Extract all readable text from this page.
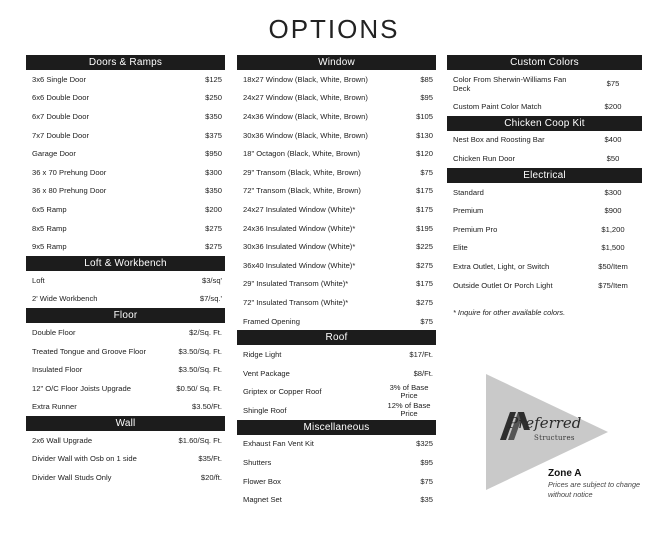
OPTIONS
Doors & Ramps
3x6 Single Door	$125
6x6 Double Door	$250
6x7 Double Door	$350
7x7 Double Door	$375
Garage Door	$950
36 x 70 Prehung Door	$300
36 x 80 Prehung Door	$350
6x5 Ramp	$200
8x5 Ramp	$275
9x5 Ramp	$275
Loft & Workbench
Loft	$3/sq'
2' Wide Workbench	$7/sq.'
Floor
Double Floor	$2/Sq. Ft.
Treated Tongue and Groove Floor	$3.50/Sq. Ft.
Insulated Floor	$3.50/Sq. Ft.
12" O/C Floor Joists Upgrade	$0.50/ Sq. Ft.
Extra Runner	$3.50/Ft.
Wall
2x6 Wall Upgrade	$1.60/Sq. Ft.
Divider Wall with Osb on 1 side	$35/Ft.
Divider Wall Studs Only	$20/ft.
Window
18x27 Window (Black, White, Brown)	$85
24x27 Window (Black, White, Brown)	$95
24x36 Window (Black, White, Brown)	$105
30x36 Window (Black, White, Brown)	$130
18" Octagon (Black, White, Brown)	$120
29" Transom (Black, White, Brown)	$75
72" Transom (Black, White, Brown)	$175
24x27 Insulated Window (White)*	$175
24x36 Insulated Window (White)*	$195
30x36 Insulated Window (White)*	$225
36x40 Insulated Window (White)*	$275
29" Insulated Transom (White)*	$175
72" Insulated Transom (White)*	$275
Framed Opening	$75
Roof
Ridge Light	$17/Ft.
Vent Package	$8/Ft.
Griptex or Copper Roof	3% of Base Price
Shingle Roof	12% of Base Price
Miscellaneous
Exhaust Fan Vent Kit	$325
Shutters	$95
Flower Box	$75
Magnet Set	$35
Custom Colors
Color From Sherwin-Williams Fan Deck	$75
Custom Paint Color Match	$200
Chicken Coop Kit
Nest Box and Roosting Bar	$400
Chicken Run Door	$50
Electrical
Standard	$300
Premium	$900
Premium Pro	$1,200
Elite	$1,500
Extra Outlet, Light, or Switch	$50/Item
Outside Outlet Or Porch Light	$75/Item
* Inquire for other available colors.
Preferred
Structures
Zone A
Prices are subject to change without notice
